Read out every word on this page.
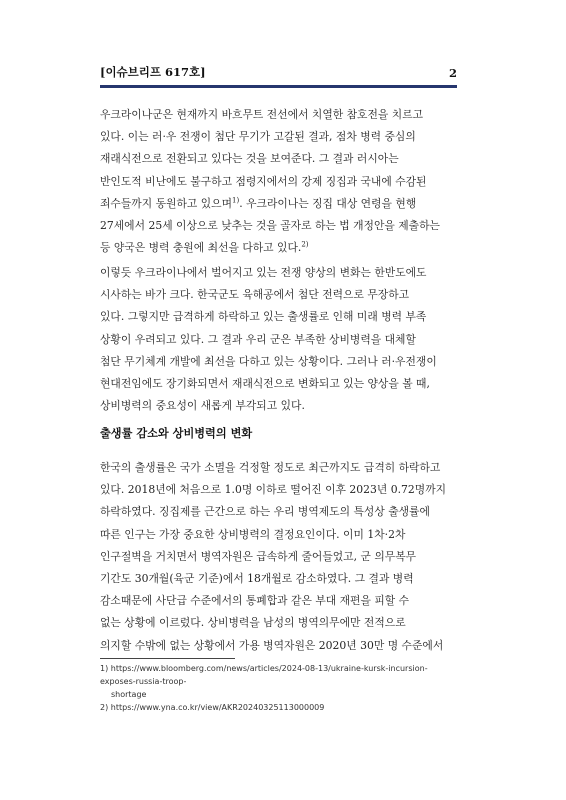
[이슈브리프 617호]	2
우크라이나군은 현재까지 바흐무트 전선에서 치열한 참호전을 치르고
있다. 이는 러·우 전쟁이 첨단 무기가 고갈된 결과, 점차 병력 중심의
재래식전으로 전환되고 있다는 것을 보여준다. 그 결과 러시아는
반인도적 비난에도 불구하고 점령지에서의 강제 징집과 국내에 수감된
죄수들까지 동원하고 있으며$^{1)}$. 우크라이나는 징집 대상 연령을 현행
27세에서 25세 이상으로 낮추는 것을 골자로 하는 법 개정안을 제출하는
등 양국은 병력 충원에 최선을 다하고 있다.$^{2)}$
이렇듯 우크라이나에서 벌어지고 있는 전쟁 양상의 변화는 한반도에도
시사하는 바가 크다. 한국군도 육해공에서 첨단 전력으로 무장하고
있다. 그렇지만 급격하게 하락하고 있는 출생률로 인해 미래 병력 부족
상황이 우려되고 있다. 그 결과 우리 군은 부족한 상비병력을 대체할
첨단 무기체계 개발에 최선을 다하고 있는 상황이다. 그러나 러·우전쟁이
현대전임에도 장기화되면서 재래식전으로 변화되고 있는 양상을 볼 때,
상비병력의 중요성이 새롭게 부각되고 있다.
출생률 감소와 상비병력의 변화
한국의 출생률은 국가 소멸을 걱정할 정도로 최근까지도 급격히 하락하고
있다. 2018년에 처음으로 1.0명 이하로 떨어진 이후 2023년 0.72명까지
하락하였다. 징집제를 근간으로 하는 우리 병역제도의 특성상 출생률에
따른 인구는 가장 중요한 상비병력의 결정요인이다. 이미 1차·2차
인구절벽을 거치면서 병역자원은 급속하게 줄어들었고, 군 의무복무
기간도 30개월(육군 기준)에서 18개월로 감소하였다. 그 결과 병력
감소때문에 사단급 수준에서의 통폐합과 같은 부대 재편을 피할 수
없는 상황에 이르렀다. 상비병력을 남성의 병역의무에만 전적으로
의지할 수밖에 없는 상황에서 가용 병역자원은 2020년 30만 명 수준에서
1) https://www.bloomberg.com/news/articles/2024-08-13/ukraine-kursk-incursion-exposes-russia-troop-
shortage
2) https://www.yna.co.kr/view/AKR20240325113000009
